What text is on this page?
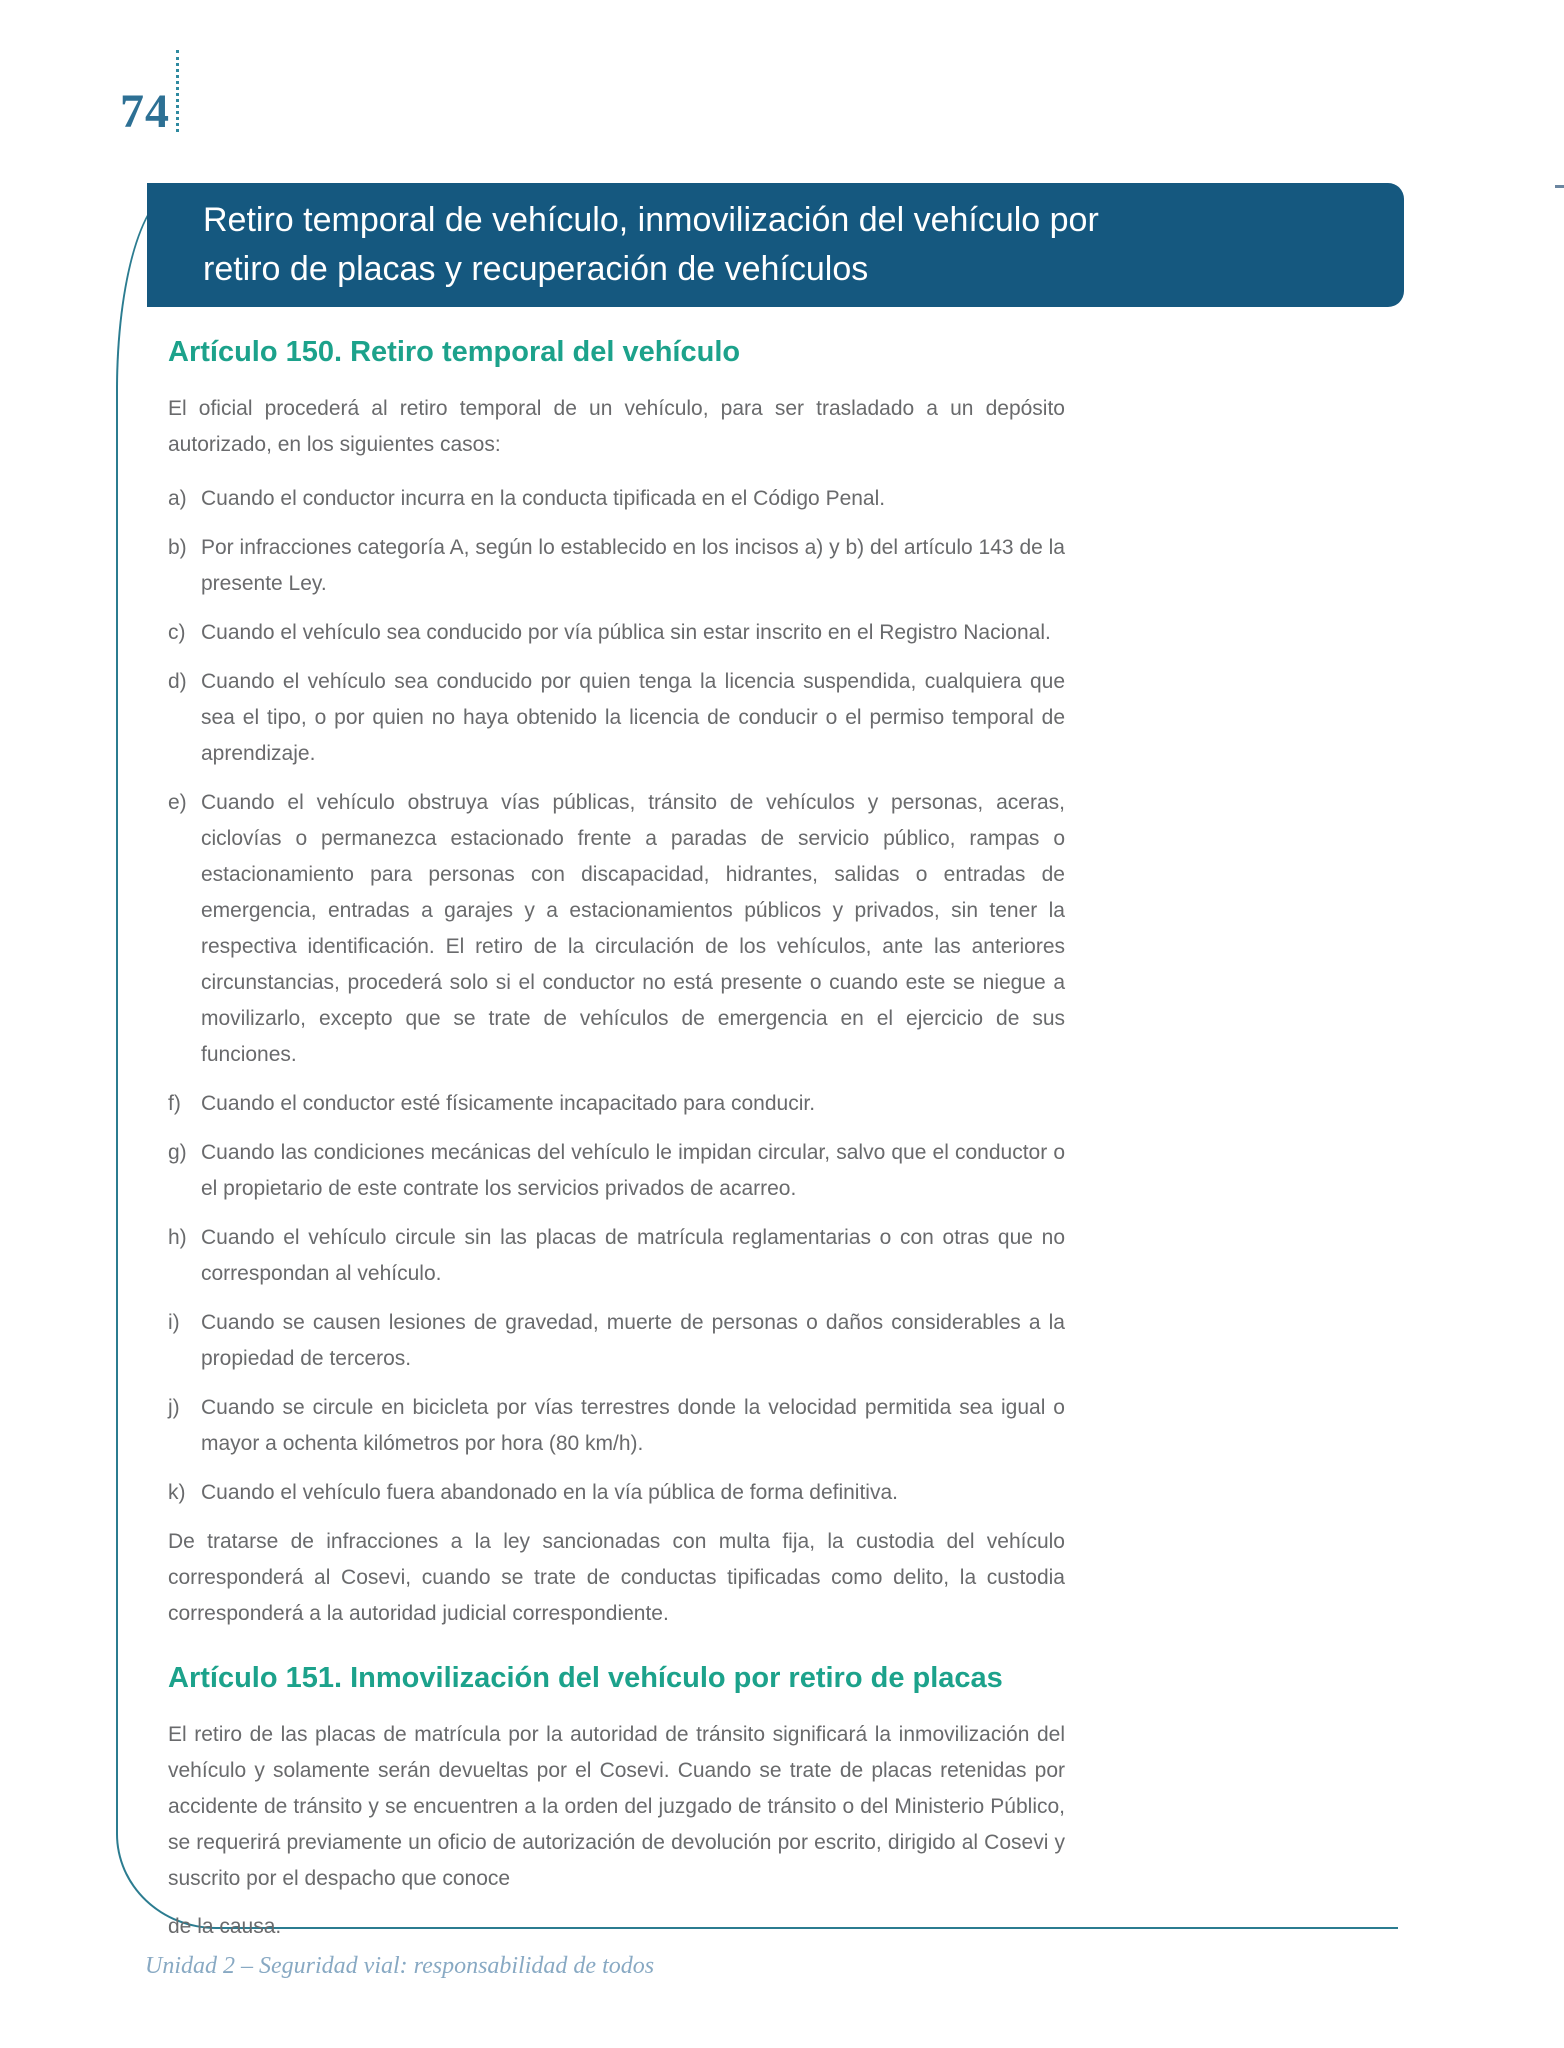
74
Retiro temporal de vehículo, inmovilización del vehículo por
retiro de placas y recuperación de vehículos
Artículo 150. Retiro temporal del vehículo

El oficial procederá al retiro temporal de un vehículo, para ser trasladado a un depósito autorizado, en los siguientes casos:

a) Cuando el conductor incurra en la conducta tipificada en el Código Penal.
b) Por infracciones categoría A, según lo establecido en los incisos a) y b) del artículo 143 de la presente Ley.
c) Cuando el vehículo sea conducido por vía pública sin estar inscrito en el Registro Nacional.
d) Cuando el vehículo sea conducido por quien tenga la licencia suspendida, cualquiera que sea el tipo, o por quien no haya obtenido la licencia de conducir o el permiso temporal de aprendizaje.
e) Cuando el vehículo obstruya vías públicas, tránsito de vehículos y personas, aceras, ciclovías o permanezca estacionado frente a paradas de servicio público, rampas o estacionamiento para personas con discapacidad, hidrantes, salidas o entradas de emergencia, entradas a garajes y a estacionamientos públicos y privados, sin tener la respectiva identificación. El retiro de la circulación de los vehículos, ante las anteriores circunstancias, procederá solo si el conductor no está presente o cuando este se niegue a movilizarlo, excepto que se trate de vehículos de emergencia en el ejercicio de sus funciones.
f) Cuando el conductor esté físicamente incapacitado para conducir.
g) Cuando las condiciones mecánicas del vehículo le impidan circular, salvo que el conductor o el propietario de este contrate los servicios privados de acarreo.
h) Cuando el vehículo circule sin las placas de matrícula reglamentarias o con otras que no correspondan al vehículo.
i)	Cuando se causen lesiones de gravedad, muerte de personas o daños considerables a la propiedad de terceros.
j)	Cuando se circule en bicicleta por vías terrestres donde la velocidad permitida sea igual o mayor a ochenta kilómetros por hora (80 km/h).
k) Cuando el vehículo fuera abandonado en la vía pública de forma definitiva.

De tratarse de infracciones a la ley sancionadas con multa fija, la custodia del vehículo corresponderá al Cosevi, cuando se trate de conductas tipificadas como delito, la custodia corresponderá a la autoridad judicial correspondiente.

Artículo 151. Inmovilización del vehículo por retiro de placas

El retiro de las placas de matrícula por la autoridad de tránsito significará la inmovilización del vehículo y solamente serán devueltas por el Cosevi. Cuando se trate de placas retenidas por accidente de tránsito y se encuentren a la orden del juzgado de tránsito o del Ministerio Público, se requerirá previamente un oficio de autorización de devolución por escrito, dirigido al Cosevi y suscrito por el despacho que conoce

de la causa.

Unidad 2 – Seguridad vial: responsabilidad de todos
